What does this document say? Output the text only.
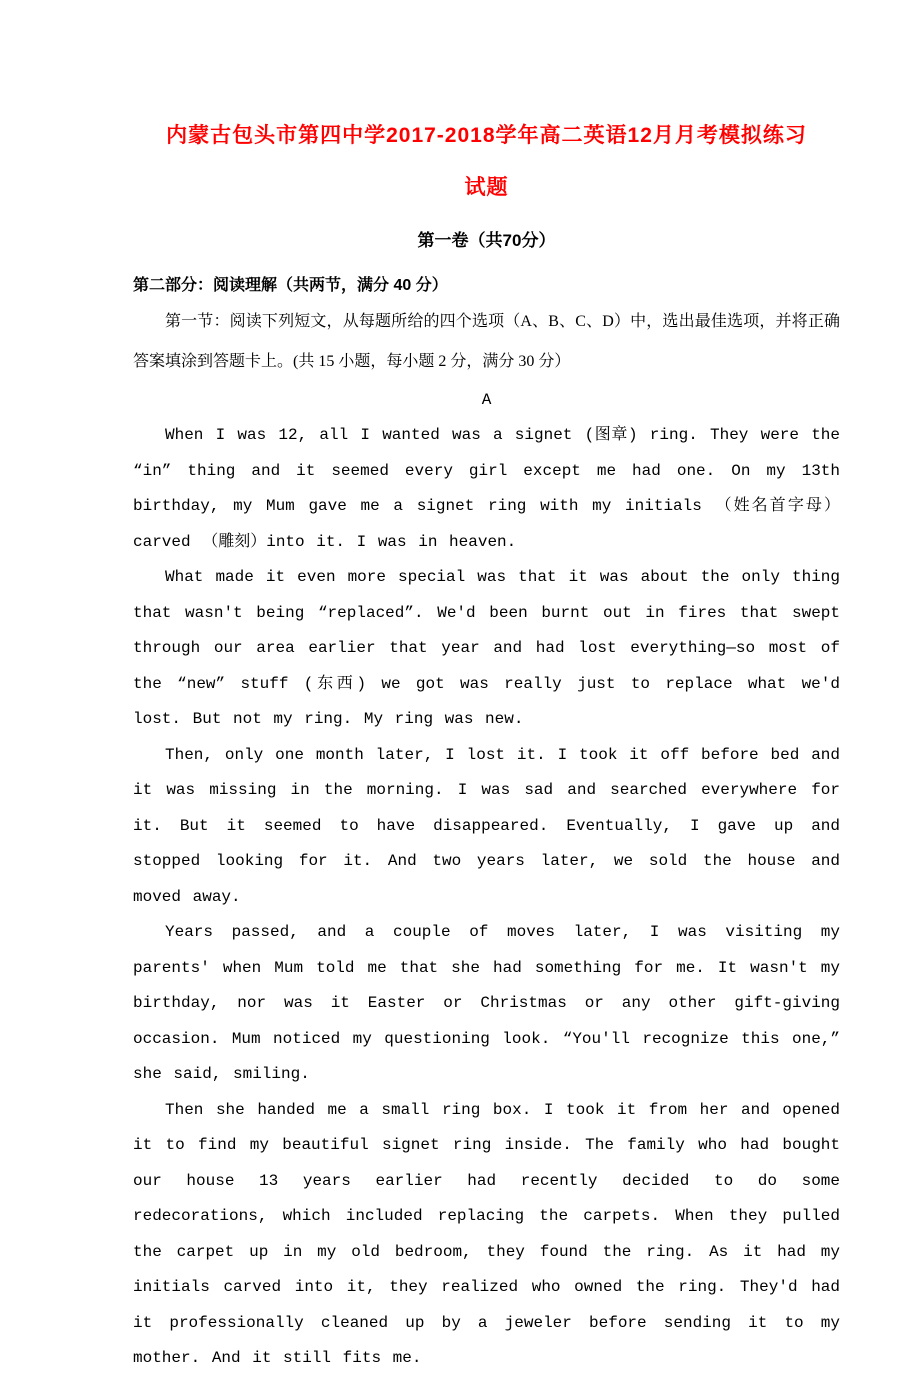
内蒙古包头市第四中学2017-2018学年高二英语12月月考模拟练习
试题
第一卷（共70分）
第二部分：阅读理解（共两节，满分 40 分）

第一节：阅读下列短文，从每题所给的四个选项（A、B、C、D）中，选出最佳选项，并将正确答案填涂到答题卡上。(共 15 小题，每小题 2 分，满分 30 分）

A

When I was 12, all I wanted was a signet (图章) ring. They were the “in” thing and it seemed every girl except me had one. On my 13th birthday, my Mum gave me a signet ring with my initials （姓名首字母） carved （雕刻）into it. I was in heaven.

What made it even more special was that it was about the only thing that wasn't being “replaced”. We'd been burnt out in fires that swept through our area earlier that year and had lost everything—so most of the “new” stuff (东西) we got was really just to replace what we'd lost. But not my ring. My ring was new.

Then, only one month later, I lost it. I took it off before bed and it was missing in the morning. I was sad and searched everywhere for it. But it seemed to have disappeared. Eventually, I gave up and stopped looking for it. And two years later, we sold the house and moved away.

Years passed, and a couple of moves later, I was visiting my parents' when Mum told me that she had something for me. It wasn't my birthday, nor was it Easter or Christmas or any other gift-giving occasion. Mum noticed my questioning look. “You'll recognize this one,” she said, smiling.

Then she handed me a small ring box. I took it from her and opened it to find my beautiful signet ring inside. The family who had bought our house 13 years earlier had recently decided to do some redecorations, which included replacing the carpets. When they pulled the carpet up in my old bedroom, they found the ring. As it had my initials carved into it, they realized who owned the ring. They'd had it professionally cleaned up by a jeweler before sending it to my mother. And it still fits me.
